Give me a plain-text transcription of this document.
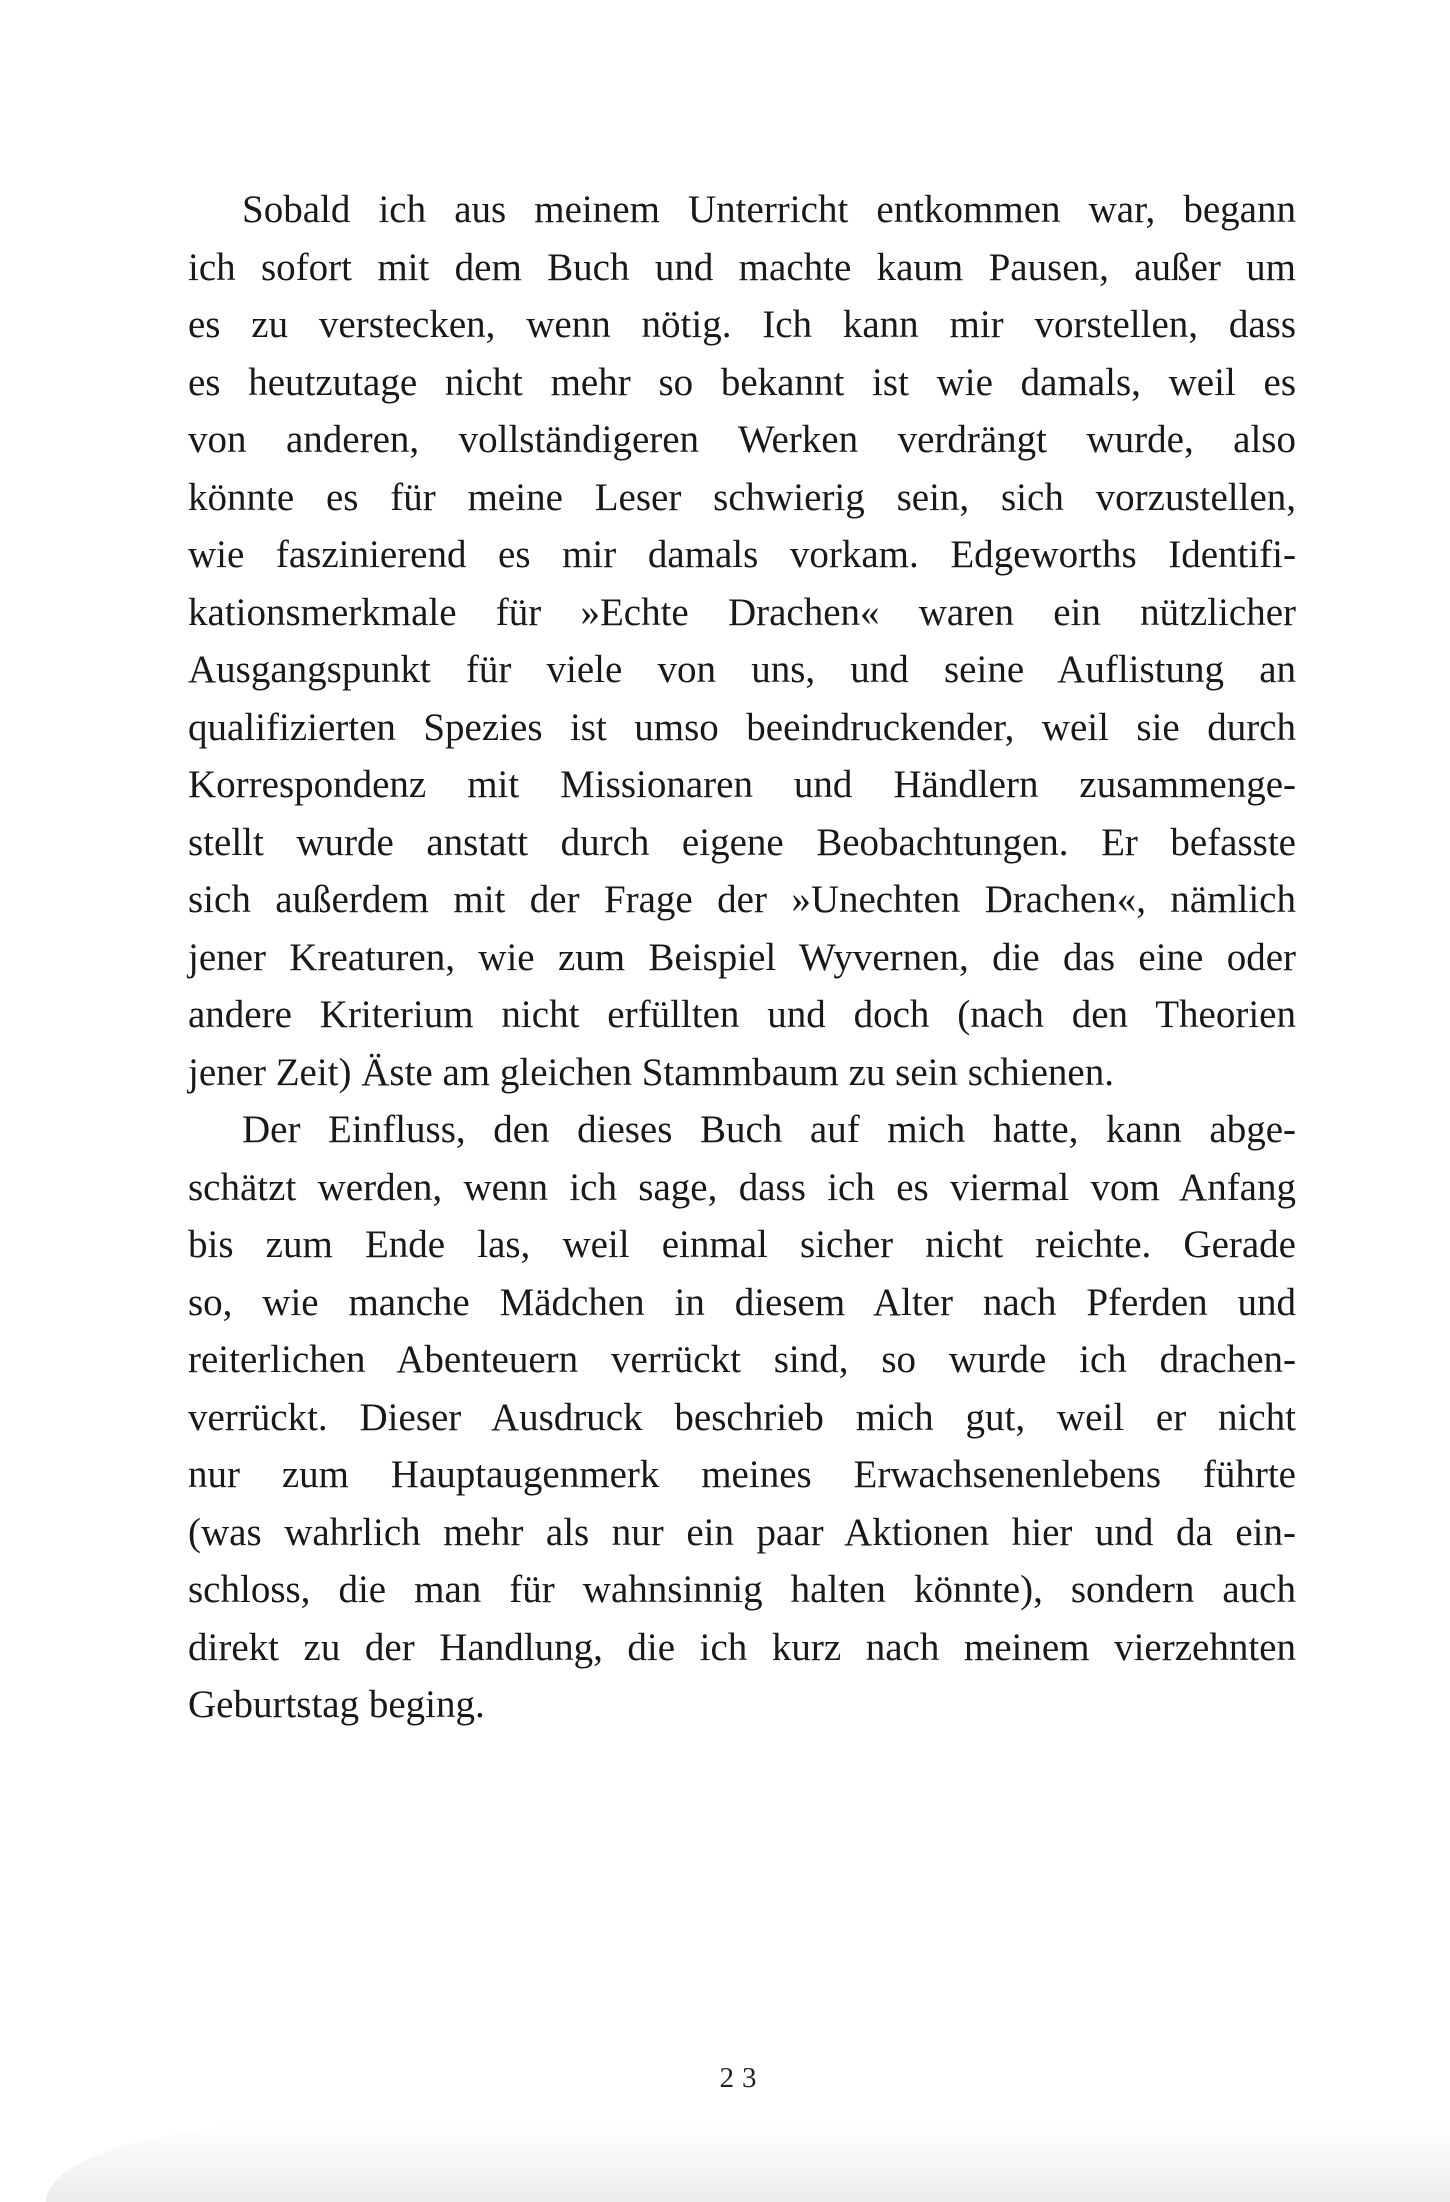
Sobald ich aus meinem Unterricht entkommen war, begann
ich sofort mit dem Buch und machte kaum Pausen, außer um
es zu verstecken, wenn nötig. Ich kann mir vorstellen, dass
es heutzutage nicht mehr so bekannt ist wie damals, weil es
von anderen, vollständigeren Werken verdrängt wurde, also
könnte es für meine Leser schwierig sein, sich vorzustellen,
wie faszinierend es mir damals vorkam. Edgeworths Identifi-
kationsmerkmale für »Echte Drachen« waren ein nützlicher
Ausgangspunkt für viele von uns, und seine Auflistung an
qualifizierten Spezies ist umso beeindruckender, weil sie durch
Korrespondenz mit Missionaren und Händlern zusammenge-
stellt wurde anstatt durch eigene Beobachtungen. Er befasste
sich außerdem mit der Frage der »Unechten Drachen«, nämlich
jener Kreaturen, wie zum Beispiel Wyvernen, die das eine oder
andere Kriterium nicht erfüllten und doch (nach den Theorien
jener Zeit) Äste am gleichen Stammbaum zu sein schienen.
Der Einfluss, den dieses Buch auf mich hatte, kann abge-
schätzt werden, wenn ich sage, dass ich es viermal vom Anfang
bis zum Ende las, weil einmal sicher nicht reichte. Gerade
so, wie manche Mädchen in diesem Alter nach Pferden und
reiterlichen Abenteuern verrückt sind, so wurde ich drachen-
verrückt. Dieser Ausdruck beschrieb mich gut, weil er nicht
nur zum Hauptaugenmerk meines Erwachsenenlebens führte
(was wahrlich mehr als nur ein paar Aktionen hier und da ein-
schloss, die man für wahnsinnig halten könnte), sondern auch
direkt zu der Handlung, die ich kurz nach meinem vierzehnten
Geburtstag beging.
23
